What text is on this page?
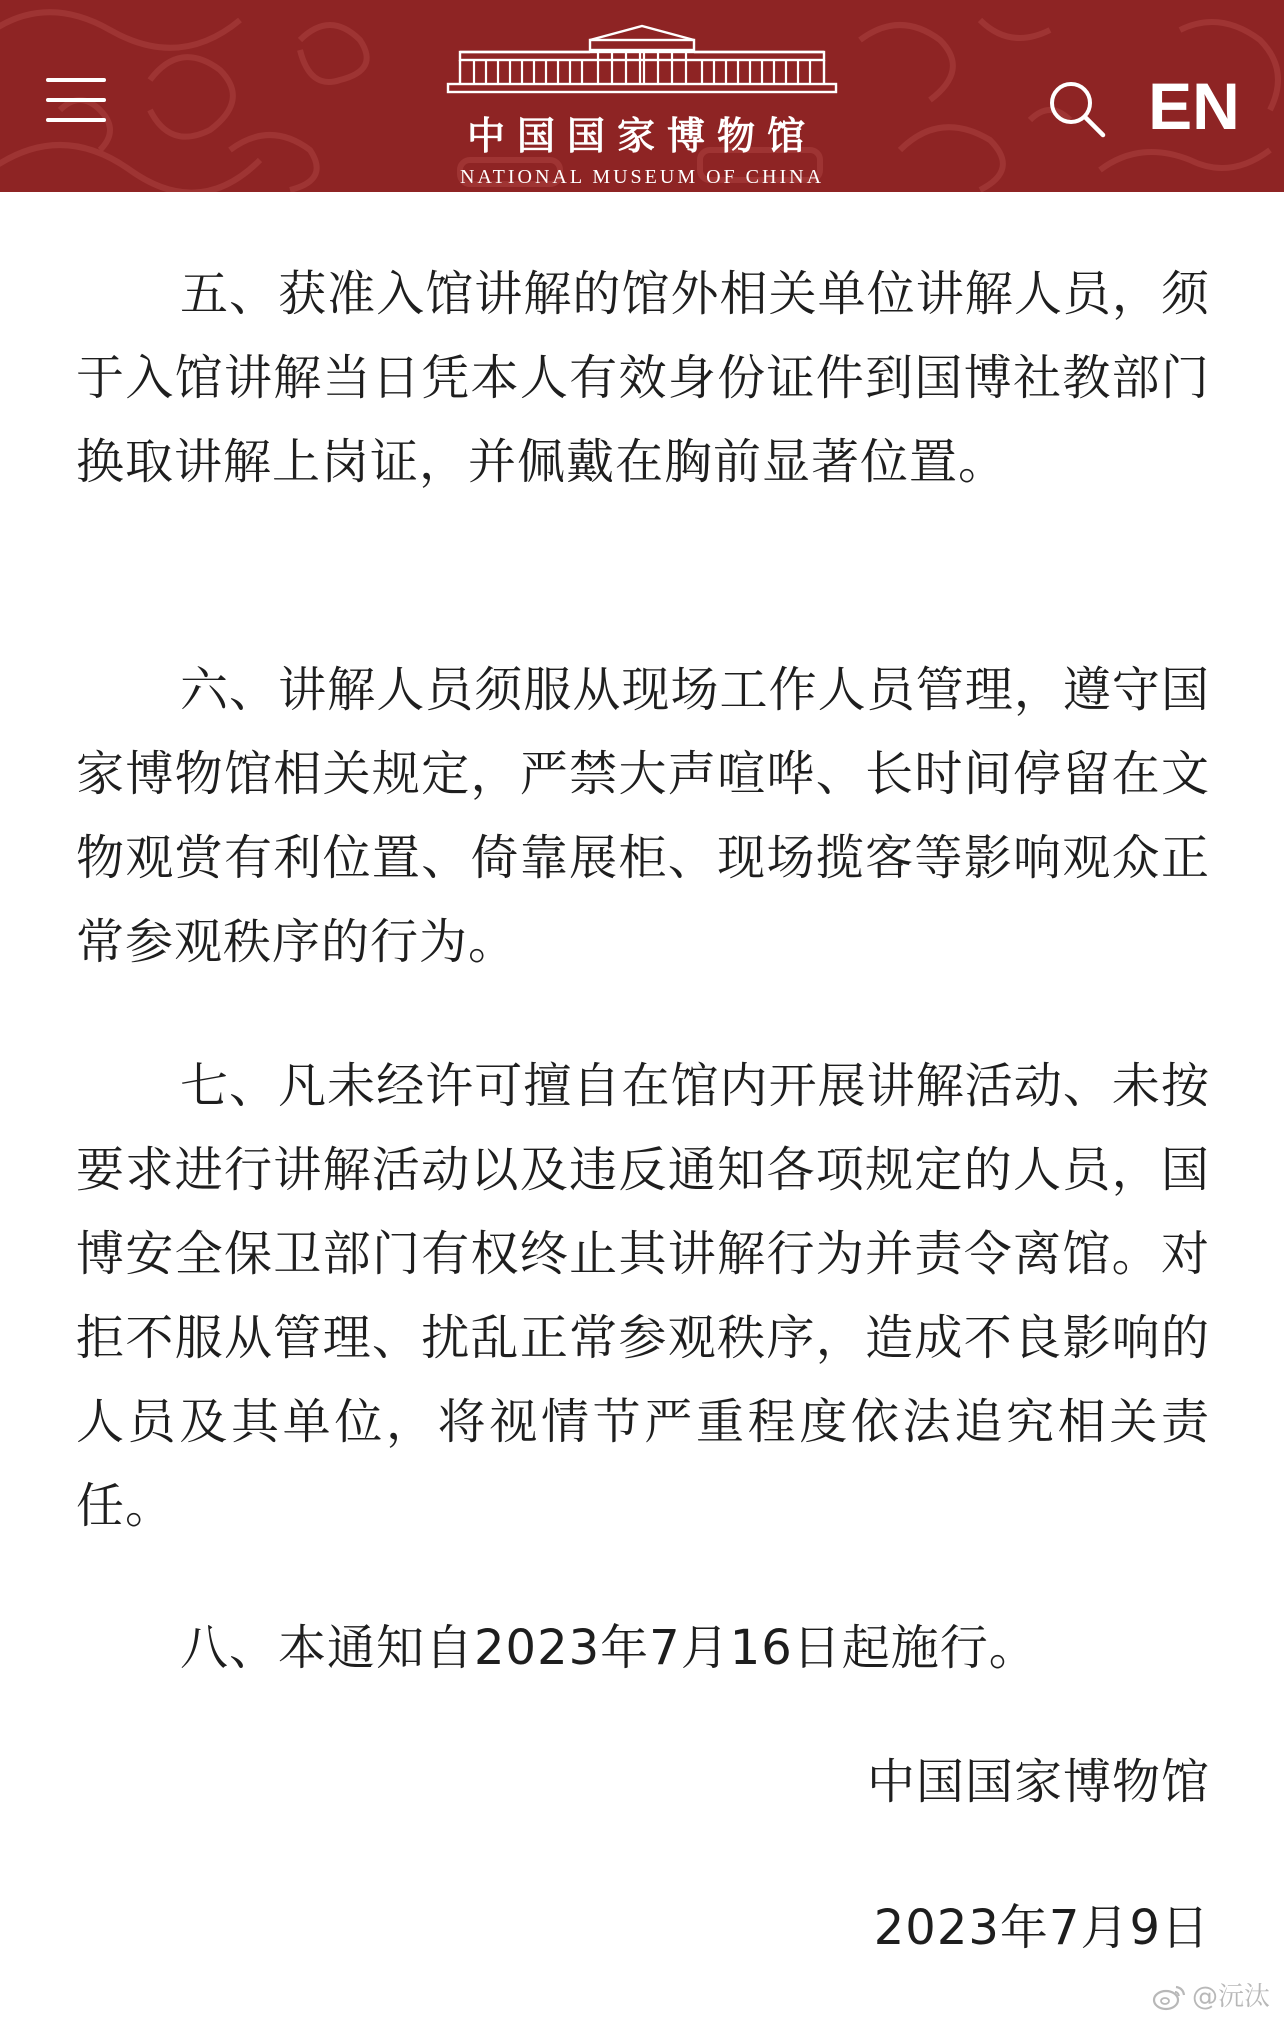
中国国家博物馆
NATIONAL MUSEUM OF CHINA
EN

五、获准入馆讲解的馆外相关单位讲解人员，须于入馆讲解当日凭本人有效身份证件到国博社教部门换取讲解上岗证，并佩戴在胸前显著位置。

六、讲解人员须服从现场工作人员管理，遵守国家博物馆相关规定，严禁大声喧哗、长时间停留在文物观赏有利位置、倚靠展柜、现场揽客等影响观众正常参观秩序的行为。

七、凡未经许可擅自在馆内开展讲解活动、未按要求进行讲解活动以及违反通知各项规定的人员，国博安全保卫部门有权终止其讲解行为并责令离馆。对拒不服从管理、扰乱正常参观秩序，造成不良影响的人员及其单位，将视情节严重程度依法追究相关责任。

八、本通知自2023年7月16日起施行。

中国国家博物馆
2023年7月9日
@沅汰
